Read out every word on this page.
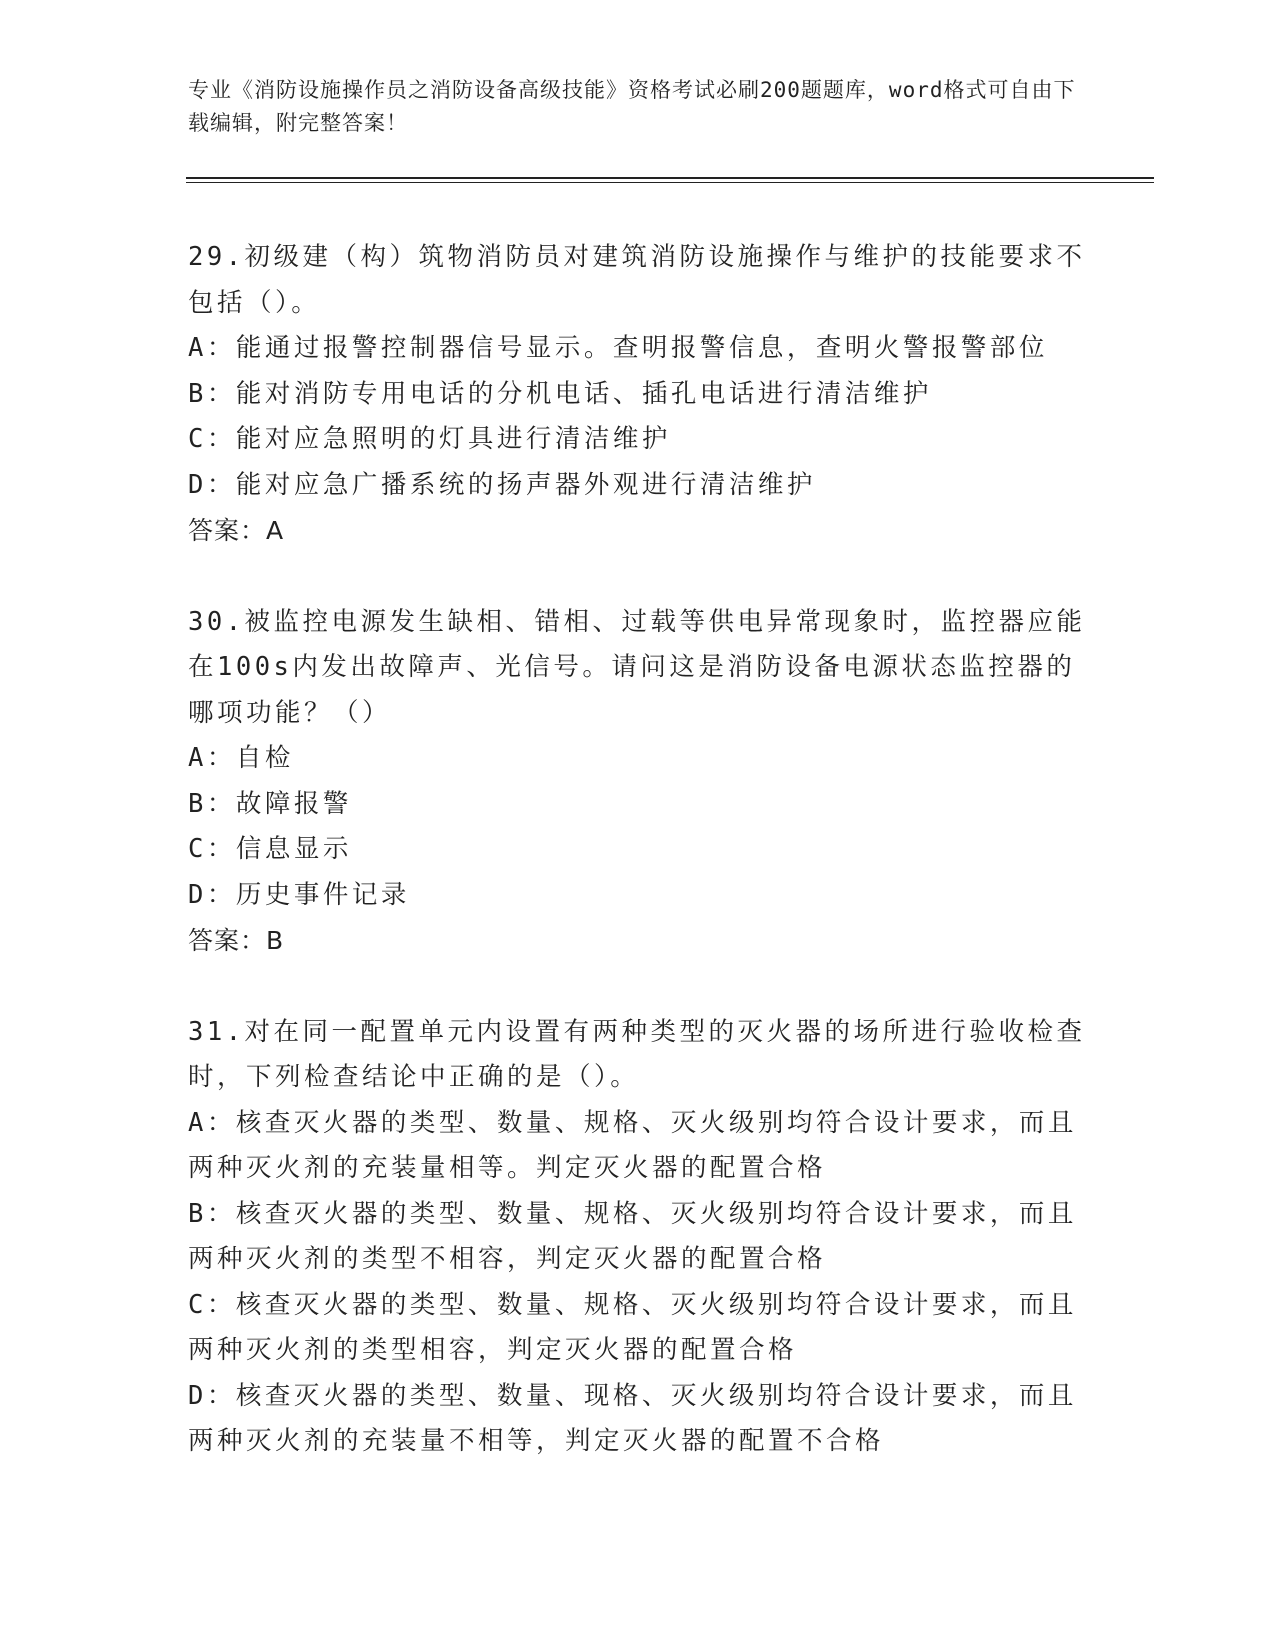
专业《消防设施操作员之消防设备高级技能》资格考试必刷200题题库，word格式可自由下载编辑，附完整答案！

29.初级建（构）筑物消防员对建筑消防设施操作与维护的技能要求不包括（）。

A：能通过报警控制器信号显示。查明报警信息，查明火警报警部位

B：能对消防专用电话的分机电话、插孔电话进行清洁维护

C：能对应急照明的灯具进行清洁维护

D：能对应急广播系统的扬声器外观进行清洁维护

答案：A

30.被监控电源发生缺相、错相、过载等供电异常现象时，监控器应能在100s内发出故障声、光信号。请问这是消防设备电源状态监控器的哪项功能？（）

A：自检

B：故障报警

C：信息显示

D：历史事件记录

答案：B

31.对在同一配置单元内设置有两种类型的灭火器的场所进行验收检查时，下列检查结论中正确的是（）。

A：核查灭火器的类型、数量、规格、灭火级别均符合设计要求，而且两种灭火剂的充装量相等。判定灭火器的配置合格

B：核查灭火器的类型、数量、规格、灭火级别均符合设计要求，而且两种灭火剂的类型不相容，判定灭火器的配置合格

C：核查灭火器的类型、数量、规格、灭火级别均符合设计要求，而且两种灭火剂的类型相容，判定灭火器的配置合格

D：核查灭火器的类型、数量、现格、灭火级别均符合设计要求，而且两种灭火剂的充装量不相等，判定灭火器的配置不合格
